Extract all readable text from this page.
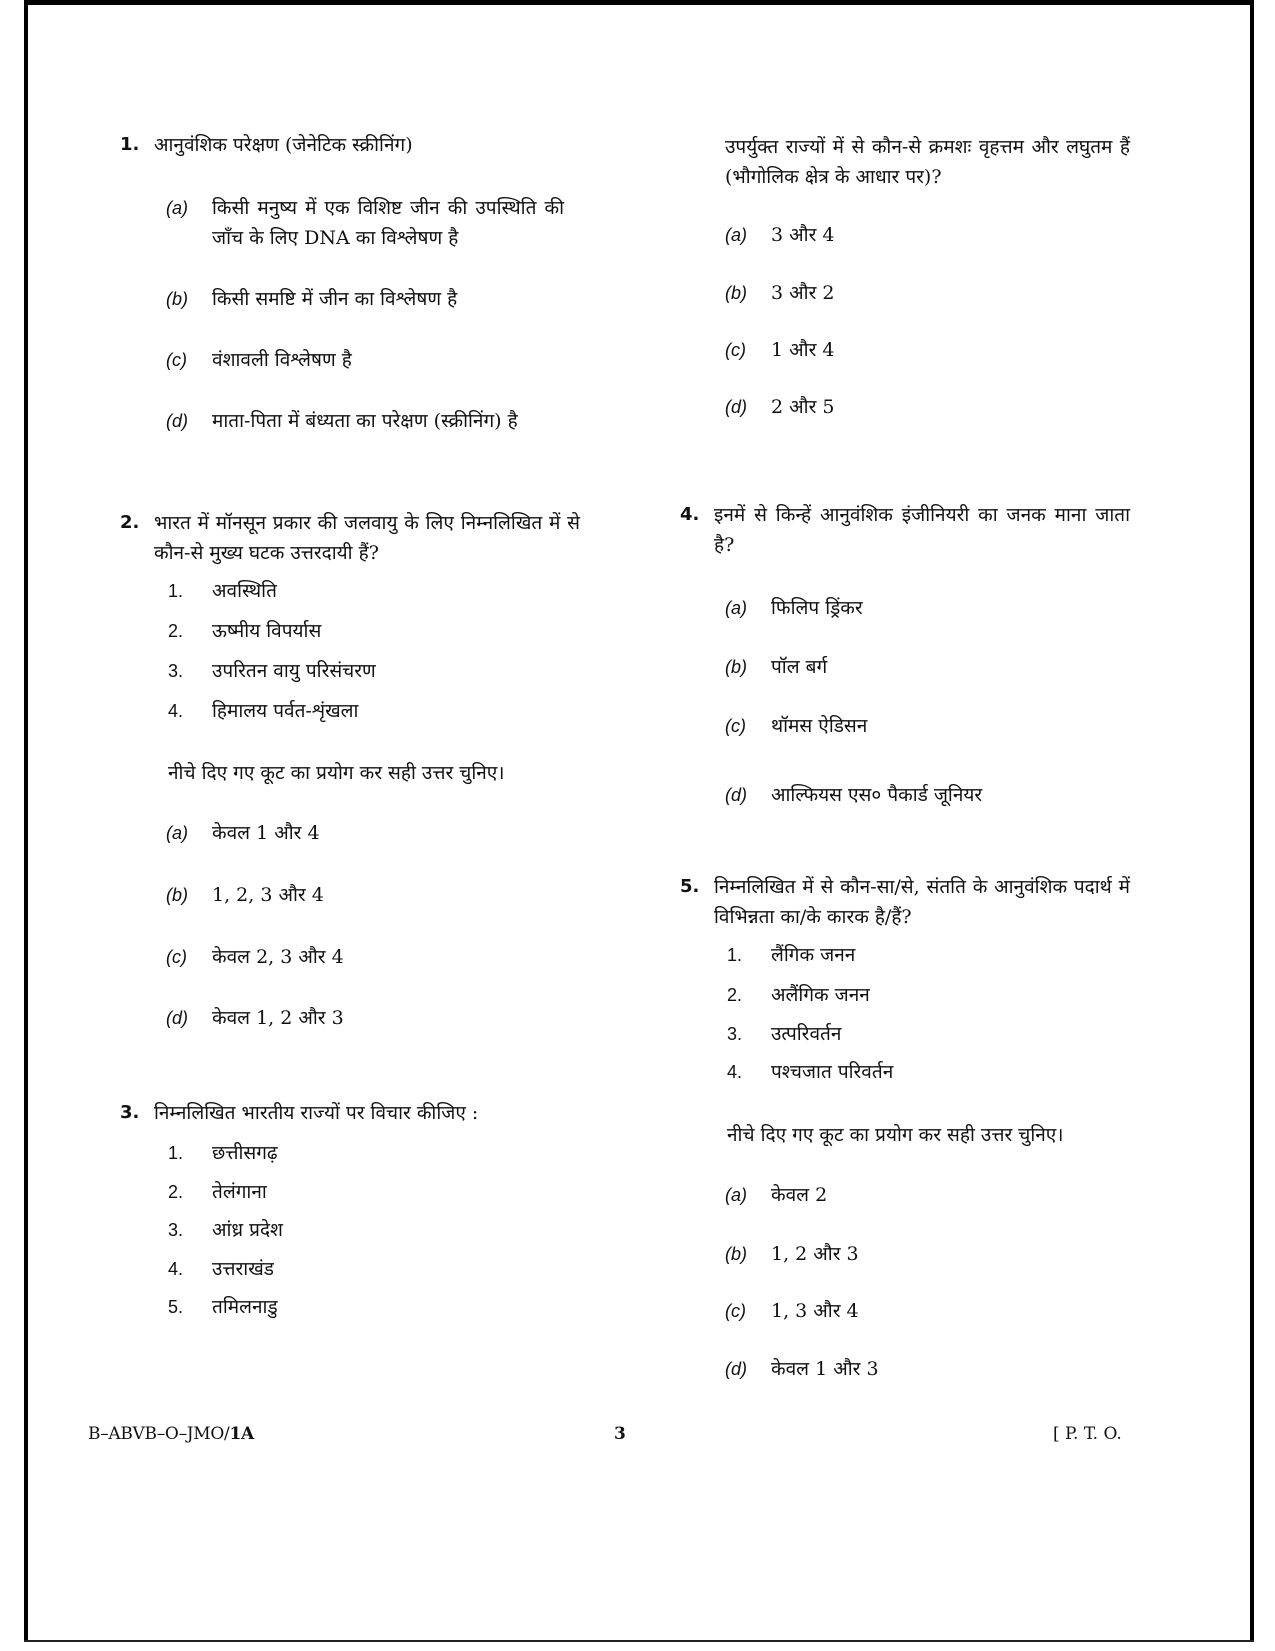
1. आनुवंशिक परेक्षण (जेनेटिक स्क्रीनिंग)
(a) किसी मनुष्य में एक विशिष्ट जीन की उपस्थिति की जाँच के लिए DNA का विश्लेषण है
(b) किसी समष्टि में जीन का विश्लेषण है
(c) वंशावली विश्लेषण है
(d) माता-पिता में बंध्यता का परेक्षण (स्क्रीनिंग) है
2. भारत में मॉनसून प्रकार की जलवायु के लिए निम्नलिखित में से कौन-से मुख्य घटक उत्तरदायी हैं?
1. अवस्थिति
2. ऊष्मीय विपर्यास
3. उपरितन वायु परिसंचरण
4. हिमालय पर्वत-शृंखला
नीचे दिए गए कूट का प्रयोग कर सही उत्तर चुनिए।
(a) केवल 1 और 4
(b) 1, 2, 3 और 4
(c) केवल 2, 3 और 4
(d) केवल 1, 2 और 3
3. निम्नलिखित भारतीय राज्यों पर विचार कीजिए :
1. छत्तीसगढ़
2. तेलंगाना
3. आंध्र प्रदेश
4. उत्तराखंड
5. तमिलनाडु
उपर्युक्त राज्यों में से कौन-से क्रमशः वृहत्तम और लघुतम हैं (भौगोलिक क्षेत्र के आधार पर)?
(a) 3 और 4
(b) 3 और 2
(c) 1 और 4
(d) 2 और 5
4. इनमें से किन्हें आनुवंशिक इंजीनियरी का जनक माना जाता है?
(a) फिलिप ड्रिंकर
(b) पॉल बर्ग
(c) थॉमस ऐडिसन
(d) आल्फियस एस० पैकार्ड जूनियर
5. निम्नलिखित में से कौन-सा/से, संतति के आनुवंशिक पदार्थ में विभिन्नता का/के कारक है/हैं?
1. लैंगिक जनन
2. अलैंगिक जनन
3. उत्परिवर्तन
4. पश्चजात परिवर्तन
नीचे दिए गए कूट का प्रयोग कर सही उत्तर चुनिए।
(a) केवल 2
(b) 1, 2 और 3
(c) 1, 3 और 4
(d) केवल 1 और 3
B–ABVB–O–JMO/1A	3	[ P. T. O.
